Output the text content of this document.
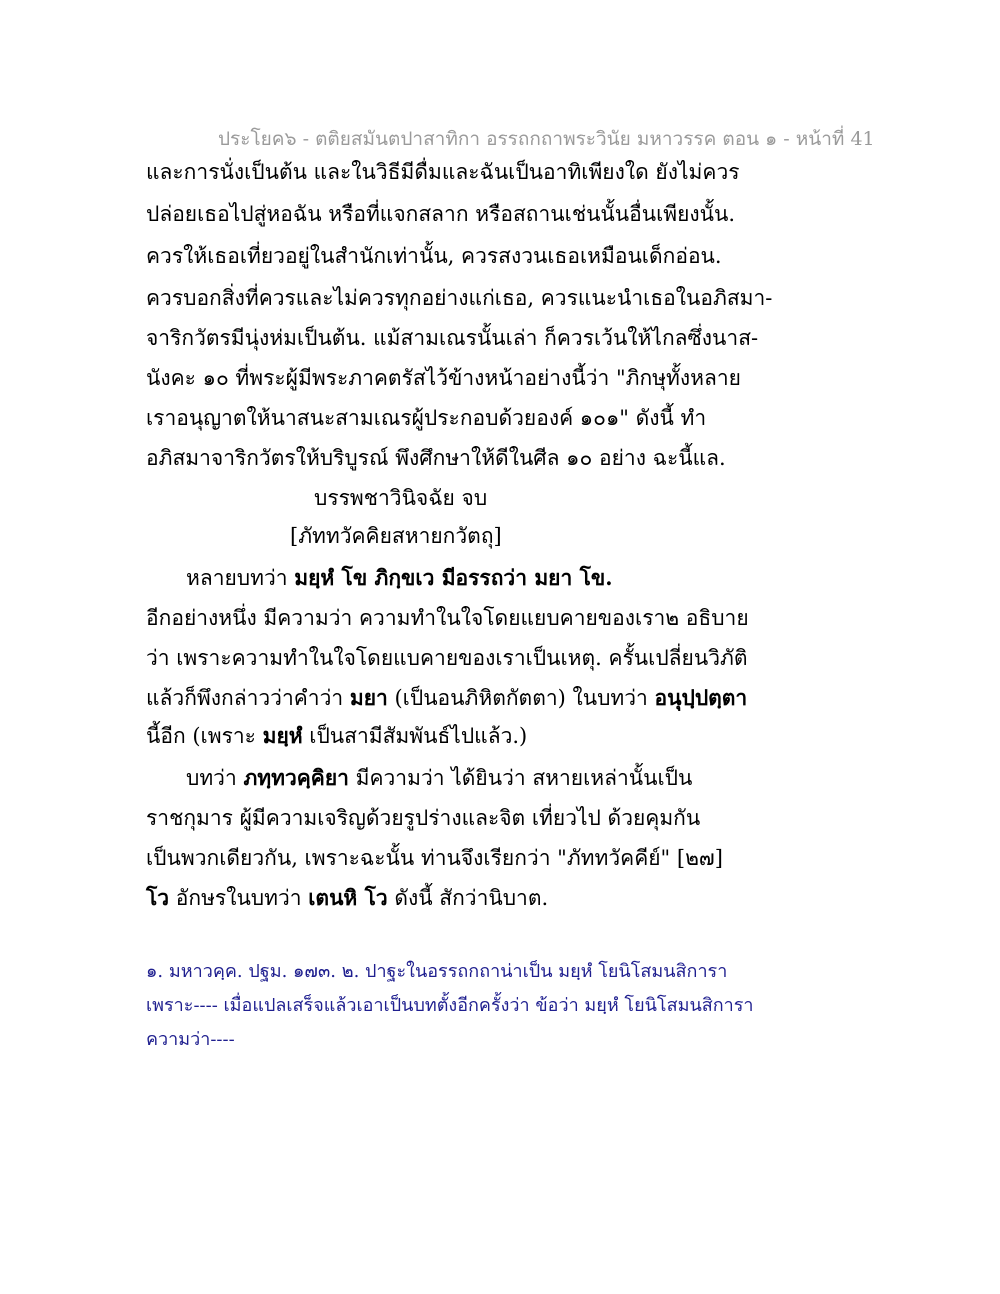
ประโยค๖ - ตติยสมันตปาสาทิกา อรรถกถาพระวินัย มหาวรรค ตอน ๑ - หน้าที่ 41
และการนั่งเป็นต้น และในวิธีมีดื่มและฉันเป็นอาทิเพียงใด ยังไม่ควร
ปล่อยเธอไปสู่หอฉัน หรือที่แจกสลาก หรือสถานเช่นนั้นอื่นเพียงนั้น.
ควรให้เธอเที่ยวอยู่ในสำนักเท่านั้น, ควรสงวนเธอเหมือนเด็กอ่อน.
ควรบอกสิ่งที่ควรและไม่ควรทุกอย่างแก่เธอ, ควรแนะนำเธอในอภิสมา-
จาริกวัตรมีนุ่งห่มเป็นต้น. แม้สามเณรนั้นเล่า ก็ควรเว้นให้ไกลซึ่งนาส-
นังคะ ๑๐ ที่พระผู้มีพระภาคตรัสไว้ข้างหน้าอย่างนี้ว่า "ภิกษุทั้งหลาย
เราอนุญาตให้นาสนะสามเณรผู้ประกอบด้วยองค์ ๑๐๑" ดังนี้ ทำ
อภิสมาจาริกวัตรให้บริบูรณ์ พึงศึกษาให้ดีในศีล ๑๐ อย่าง ฉะนี้แล.
บรรพชาวินิจฉัย จบ
[ภัททวัคคิยสหายกวัตถุ]
หลายบทว่า มยฺหํ โข ภิกฺขเว มีอรรถว่า มยา โข.
อีกอย่างหนึ่ง มีความว่า ความทำในใจโดยแยบคายของเรา๒ อธิบาย
ว่า เพราะความทำในใจโดยแบคายของเราเป็นเหตุ. ครั้นเปลี่ยนวิภัติ
แล้วก็พึงกล่าวว่าคำว่า มยา (เป็นอนภิหิตกัตตา) ในบทว่า อนุปฺปตฺตา
นี้อีก (เพราะ มยฺหํ เป็นสามีสัมพันธ์ไปแล้ว.)
บทว่า ภทฺทวคฺคิยา มีความว่า ได้ยินว่า สหายเหล่านั้นเป็น
ราชกุมาร ผู้มีความเจริญด้วยรูปร่างและจิต เที่ยวไป ด้วยคุมกัน
เป็นพวกเดียวกัน, เพราะฉะนั้น ท่านจึงเรียกว่า "ภัททวัคคีย์" [๒๗]
โว อักษรในบทว่า เตนหิ โว ดังนี้ สักว่านิบาต.
๑. มหาวคฺค. ปฐม. ๑๗๓. ๒. ปาฐะในอรรถกถาน่าเป็น มยฺหํ โยนิโสมนสิการา
เพราะ---- เมื่อแปลเสร็จแล้วเอาเป็นบทตั้งอีกครั้งว่า ข้อว่า มยฺหํ โยนิโสมนสิการา
ความว่า----
